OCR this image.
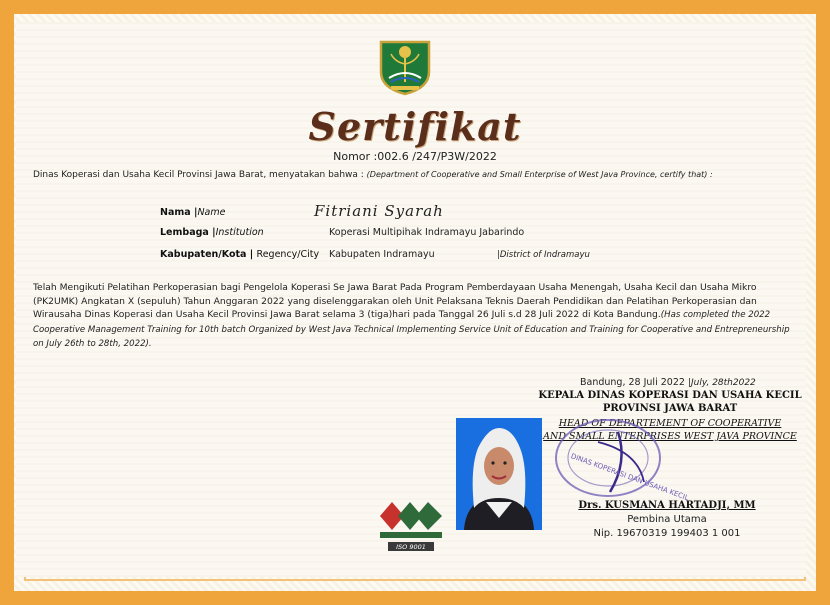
Sertifikat
Nomor :002.6 /247/P3W/2022
Dinas Koperasi dan Usaha Kecil Provinsi Jawa Barat, menyatakan bahwa : (Department of Cooperative and Small Enterprise of West Java Province, certify that) :
Nama |Name	Fitriani Syarah
Lembaga |Institution	Koperasi Multipihak Indramayu Jabarindo
Kabupaten/Kota | Regency/City Kabupaten Indramayu	|District of Indramayu
Telah Mengikuti Pelatihan Perkoperasian bagi Pengelola Koperasi Se Jawa Barat Pada Program Pemberdayaan Usaha Menengah, Usaha Kecil dan Usaha Mikro (PK2UMK) Angkatan X (sepuluh) Tahun Anggaran 2022 yang diselenggarakan oleh Unit Pelaksana Teknis Daerah Pendidikan dan Pelatihan Perkoperasian dan Wirausaha Dinas Koperasi dan Usaha Kecil Provinsi Jawa Barat selama 3 (tiga)hari pada Tanggal 26 Juli s.d 28 Juli 2022 di Kota Bandung.(Has completed the 2022 Cooperative Management Training for 10th batch Organized by West Java Technical Implementing Service Unit of Education and Training for Cooperative and Entrepreneurship on July 26th to 28th, 2022).
Bandung, 28 Juli 2022 |July, 28th2022
KEPALA DINAS KOPERASI DAN USAHA KECIL
PROVINSI JAWA BARAT
HEAD OF DEPARTEMENT OF COOPERATIVE
AND SMALL ENTERPRISES WEST JAVA PROVINCE
DINAS KOPERASI DAN USAHA KECIL
Drs. KUSMANA HARTADJI, MM
Pembina Utama
Nip. 19670319 199403 1 001
ISO 9001
